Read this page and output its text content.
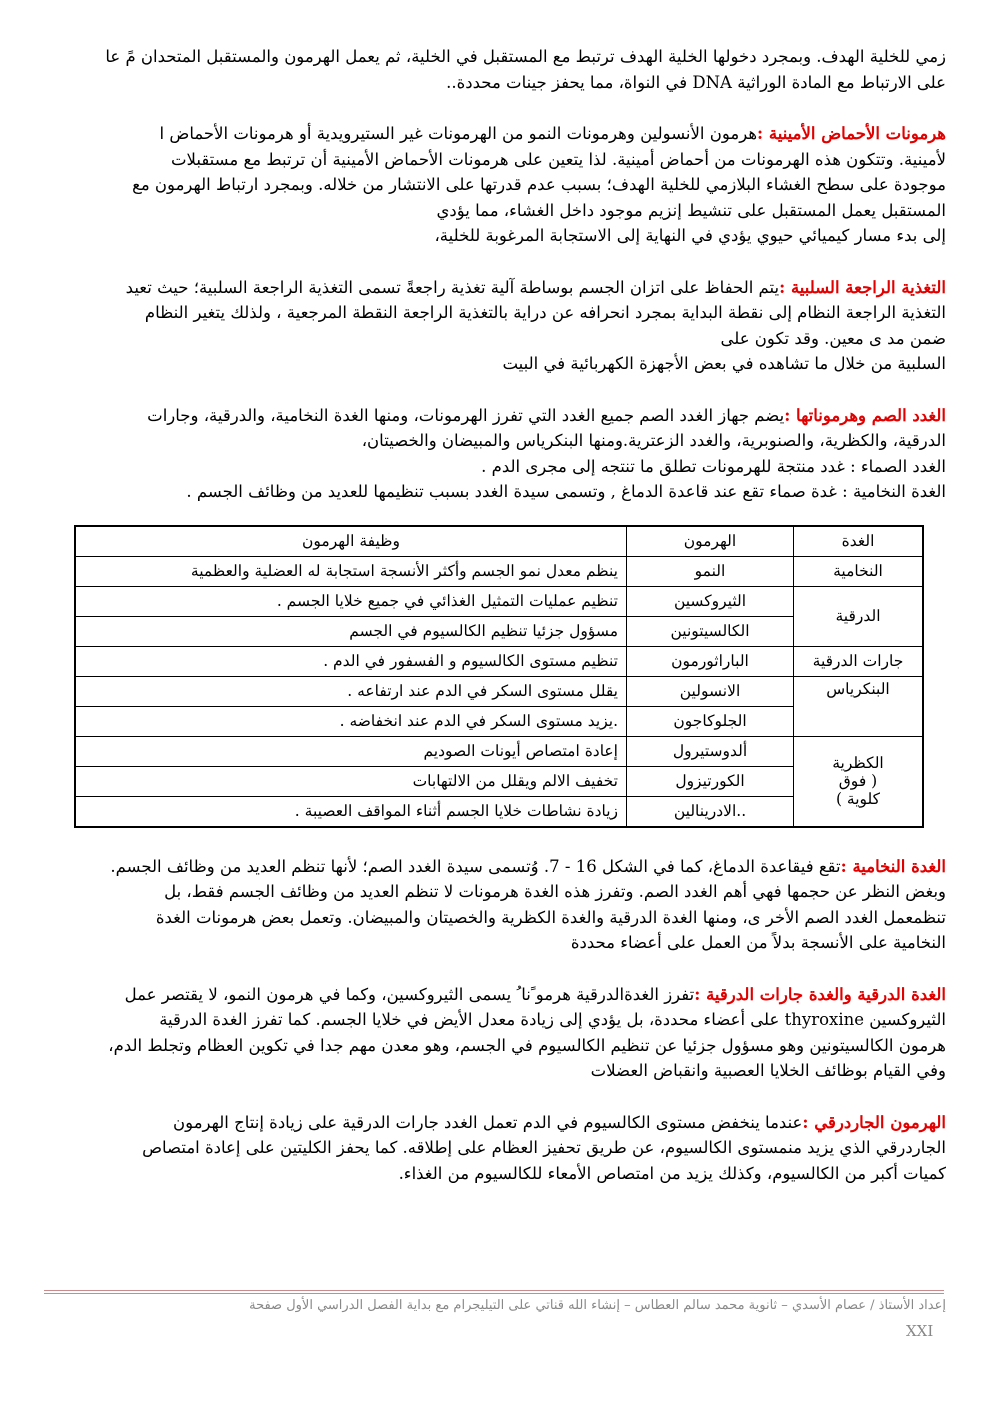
زمي للخلية الهدف. وبمجرد دخولها الخلية الهدف ترتبط مع المستقبل في الخلية، ثم يعمل الهرمون والمستقبل المتحدان مً عا
على الارتباط مع المادة الوراثية DNA في النواة، مما يحفز جينات محددة..
هرمونات الأحماض الأمينية :هرمون الأنسولين وهرمونات النمو من الهرمونات غير الستيرويدية أو هرمونات الأحماض ا
لأمينية. وتتكون هذه الهرمونات من أحماض أمينية. لذا يتعين على هرمونات الأحماض الأمينية أن ترتبط مع مستقبلات
موجودة على سطح الغشاء البلازمي للخلية الهدف؛ بسبب عدم قدرتها على الانتشار من خلاله. وبمجرد ارتباط الهرمون مع
المستقبل يعمل المستقبل على تنشيط إنزيم موجود داخل الغشاء، مما يؤدي
إلى بدء مسار كيميائي حيوي يؤدي في النهاية إلى الاستجابة المرغوبة للخلية،
التغذية الراجعة السلبية :يتم الحفاظ على اتزان الجسم بوساطة آلية تغذية راجعةً تسمى التغذية الراجعة السلبية؛ حيث تعيد
التغذية الراجعة النظام إلى نقطة البداية بمجرد انحرافه عن دراية بالتغذية الراجعة النقطة المرجعية ، ولذلك يتغير النظام
ضمن مد ى معين. وقد تكون على
السلبية من خلال ما تشاهده في بعض الأجهزة الكهربائية في البيت
الغدد الصم وهرموناتها :يضم جهاز الغدد الصم جميع الغدد التي تفرز الهرمونات، ومنها الغدة النخامية، والدرقية، وجارات
الدرقية، والكظرية، والصنوبرية، والغدد الزعترية.ومنها البنكرياس والمبيضان والخصيتان،
الغدد الصماء : غدد منتجة للهرمونات تطلق ما تنتجه إلى مجرى الدم .
الغدة النخامية : غدة صماء تقع عند قاعدة الدماغ , وتسمى سيدة الغدد بسبب تنظيمها للعديد من وظائف الجسم .
الغدة	الهرمون	وظيفة الهرمون
النخامية	النمو	ينظم معدل نمو الجسم وأكثر الأنسجة استجابة له العضلية والعظمية
الدرقية	الثيروكسين	تنظيم عمليات التمثيل الغذائي في جميع خلايا الجسم .
	الكالسيتونين	مسؤول جزئيا تنظيم الكالسيوم في الجسم
جارات الدرقية	الباراثورمون	تنظيم مستوى الكالسيوم و الفسفور في الدم .
البنكرياس	الانسولين	يقلل مستوى السكر في الدم عند ارتفاعه .
	الجلوكاجون	.يزيد مستوى السكر في الدم عند انخفاضه .

الكظرية
( فوق
كلوية )	ألدوستيرول	إعادة امتصاص أيونات الصوديم
	الكورتيزول	تخفيف الالم ويقلل من الالتهابات
	..الادرينالين	زيادة نشاطات خلايا الجسم أثناء المواقف العصيبة .
الغدة النخامية :تقع فيقاعدة الدماغ، كما في الشكل 16 - 7. وُتسمى سيدة الغدد الصم؛ لأنها تنظم العديد من وظائف الجسم.
وبغض النظر عن حجمها فهي أهم الغدد الصم. وتفرز هذه الغدة هرمونات لا تنظم العديد من وظائف الجسم فقط، بل
تنظمعمل الغدد الصم الأخر ى، ومنها الغدة الدرقية والغدة الكظرية والخصيتان والمبيضان. وتعمل بعض هرمونات الغدة
النخامية على الأنسجة بدلاً من العمل على أعضاء محددة
الغدة الدرقية والغدة جارات الدرقية :تفرز الغدةالدرقية هرمو ًنا ُ يسمى الثيروكسين، وكما في هرمون النمو، لا يقتصر عمل
الثيروكسين thyroxine على أعضاء محددة، بل يؤدي إلى زيادة معدل الأيض في خلايا الجسم. كما تفرز الغدة الدرقية
هرمون الكالسيتونين وهو مسؤول جزئيا عن تنظيم الكالسيوم في الجسم، وهو معدن مهم جدا في تكوين العظام وتجلط الدم،
وفي القيام بوظائف الخلايا العصبية وانقباض العضلات
الهرمون الجاردرقي :عندما ينخفض مستوى الكالسيوم في الدم تعمل الغدد جارات الدرقية على زيادة إنتاج الهرمون
الجاردرقي الذي يزيد منمستوى الكالسيوم، عن طريق تحفيز العظام على إطلاقه. كما يحفز الكليتين على إعادة امتصاص
كميات أكبر من الكالسيوم، وكذلك يزيد من امتصاص الأمعاء للكالسيوم من الغذاء.
إعداد الأستاذ / عصام الأسدي – ثانوية محمد سالم العطاس – إنشاء الله قناتي على التيليجرام مع بداية الفصل الدراسي الأول صفحة
XXI
